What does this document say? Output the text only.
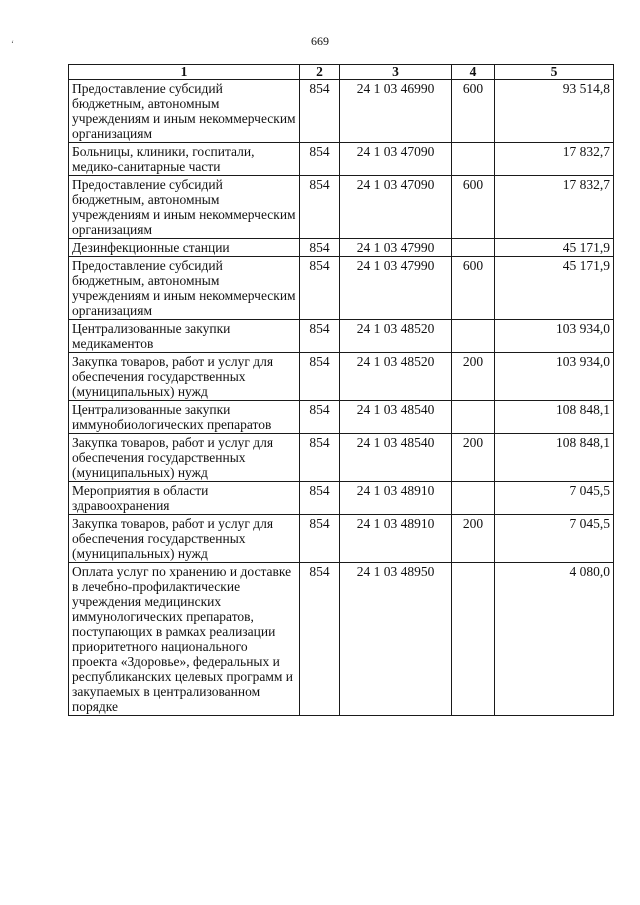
669
‘
1	2	3	4	5
Предоставление субсидий бюджетным, автономным учреждениям и иным некоммерческим организациям	854	24 1 03 46990	600	93 514,8
Больницы, клиники, госпитали, медико-санитарные части	854	24 1 03 47090		17 832,7
Предоставление субсидий бюджетным, автономным учреждениям и иным некоммерческим организациям	854	24 1 03 47090	600	17 832,7
Дезинфекционные станции	854	24 1 03 47990		45 171,9
Предоставление субсидий бюджетным, автономным учреждениям и иным некоммерческим организациям	854	24 1 03 47990	600	45 171,9
Централизованные закупки медикаментов	854	24 1 03 48520		103 934,0
Закупка товаров, работ и услуг для обеспечения государственных (муниципальных) нужд	854	24 1 03 48520	200	103 934,0
Централизованные закупки иммунобиологических препаратов	854	24 1 03 48540		108 848,1
Закупка товаров, работ и услуг для обеспечения государственных (муниципальных) нужд	854	24 1 03 48540	200	108 848,1
Мероприятия в области здравоохранения	854	24 1 03 48910		7 045,5
Закупка товаров, работ и услуг для обеспечения государственных (муниципальных) нужд	854	24 1 03 48910	200	7 045,5
Оплата услуг по хранению и доставке в лечебно-профилактические учреждения медицинских иммунологических препаратов, поступающих в рамках реализации приоритетного национального проекта «Здоровье», федеральных и республиканских целевых программ и закупаемых в централизованном порядке	854	24 1 03 48950		4 080,0
